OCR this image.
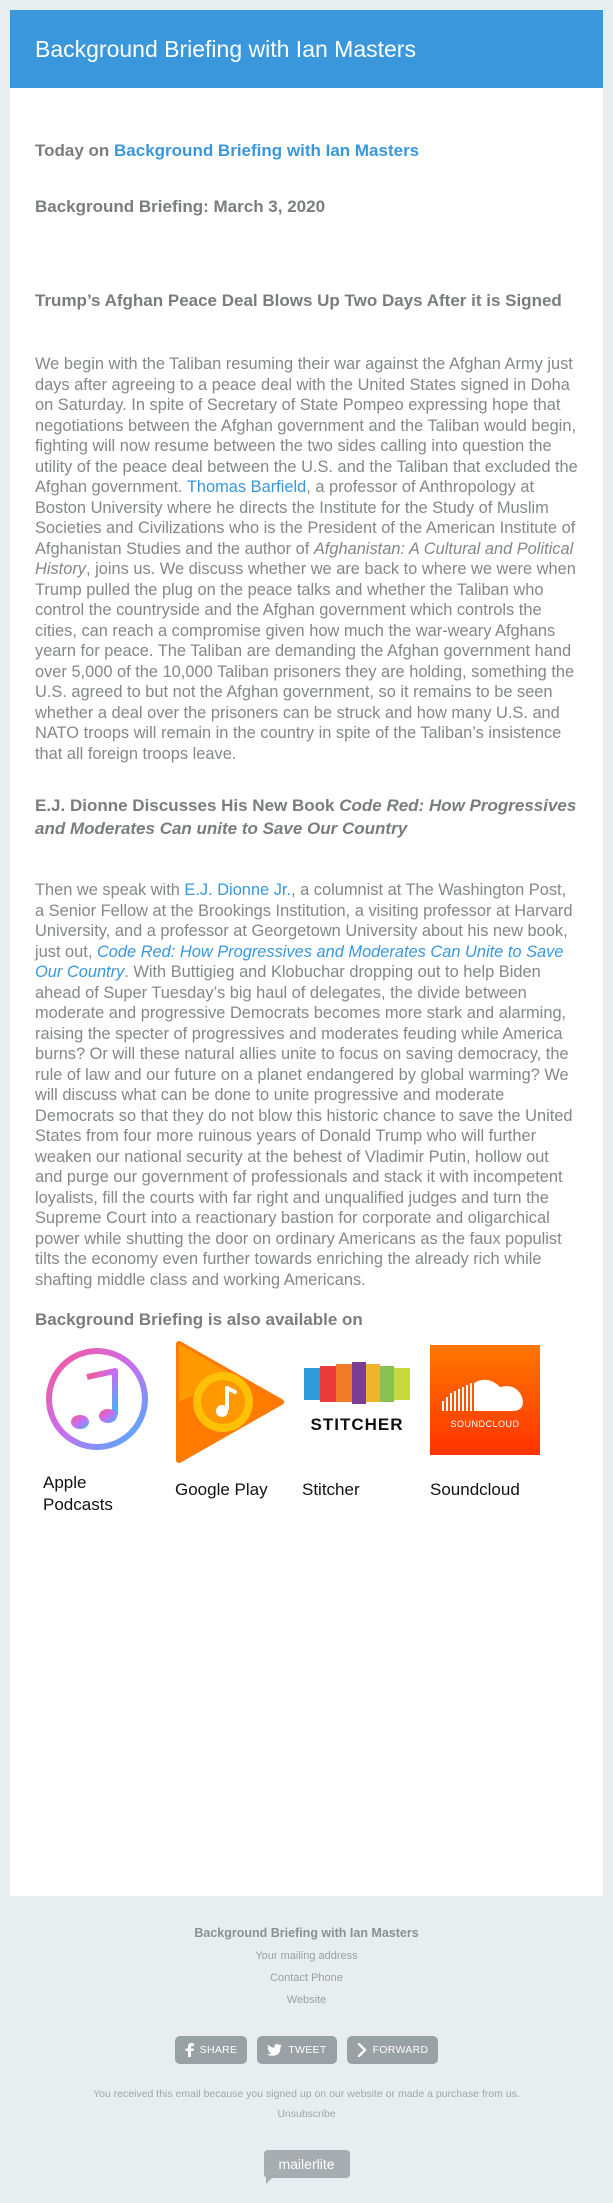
Background Briefing with Ian Masters
Today on Background Briefing with Ian Masters
Background Briefing: March 3, 2020
Trump’s Afghan Peace Deal Blows Up Two Days After it is Signed
We begin with the Taliban resuming their war against the Afghan Army just days after agreeing to a peace deal with the United States signed in Doha on Saturday. In spite of Secretary of State Pompeo expressing hope that negotiations between the Afghan government and the Taliban would begin, fighting will now resume between the two sides calling into question the utility of the peace deal between the U.S. and the Taliban that excluded the Afghan government. Thomas Barfield, a professor of Anthropology at Boston University where he directs the Institute for the Study of Muslim Societies and Civilizations who is the President of the American Institute of Afghanistan Studies and the author of Afghanistan: A Cultural and Political History, joins us. We discuss whether we are back to where we were when Trump pulled the plug on the peace talks and whether the Taliban who control the countryside and the Afghan government which controls the cities, can reach a compromise given how much the war-weary Afghans yearn for peace. The Taliban are demanding the Afghan government hand over 5,000 of the 10,000 Taliban prisoners they are holding, something the U.S. agreed to but not the Afghan government, so it remains to be seen whether a deal over the prisoners can be struck and how many U.S. and NATO troops will remain in the country in spite of the Taliban’s insistence that all foreign troops leave.
E.J. Dionne Discusses His New Book Code Red: How Progressives and Moderates Can unite to Save Our Country
Then we speak with E.J. Dionne Jr., a columnist at The Washington Post, a Senior Fellow at the Brookings Institution, a visiting professor at Harvard University, and a professor at Georgetown University about his new book, just out, Code Red: How Progressives and Moderates Can Unite to Save Our Country. With Buttigieg and Klobuchar dropping out to help Biden ahead of Super Tuesday’s big haul of delegates, the divide between moderate and progressive Democrats becomes more stark and alarming, raising the specter of progressives and moderates feuding while America burns? Or will these natural allies unite to focus on saving democracy, the rule of law and our future on a planet endangered by global warming? We will discuss what can be done to unite progressive and moderate Democrats so that they do not blow this historic chance to save the United States from four more ruinous years of Donald Trump who will further weaken our national security at the behest of Vladimir Putin, hollow out and purge our government of professionals and stack it with incompetent loyalists, fill the courts with far right and unqualified judges and turn the Supreme Court into a reactionary bastion for corporate and oligarchical power while shutting the door on ordinary Americans as the faux populist tilts the economy even further towards enriching the already rich while shafting middle class and working Americans.
Background Briefing is also available on
Apple Podcasts
Google Play
STITCHER
Stitcher
SOUNDCLOUD
Soundcloud
Background Briefing with Ian Masters
Your mailing address
Contact Phone
Website
SHARE	TWEET	FORWARD
You received this email because you signed up on our website or made a purchase from us.
Unsubscribe
mailerlite
